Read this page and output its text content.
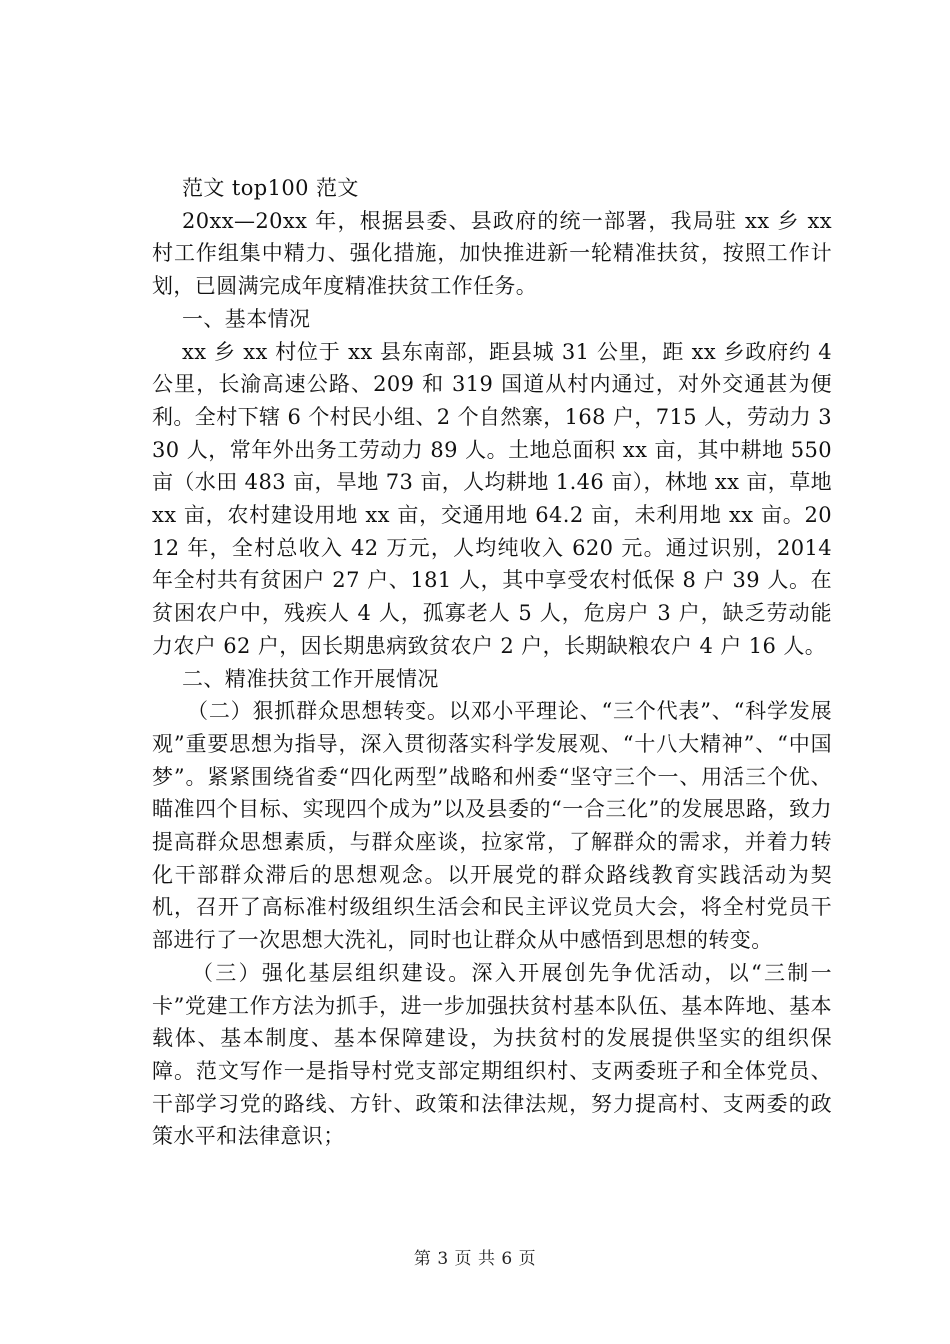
范文 top100 范文

20xx—20xx 年，根据县委、县政府的统一部署，我局驻 xx 乡 xx 村工作组集中精力、强化措施，加快推进新一轮精准扶贫，按照工作计划，已圆满完成年度精准扶贫工作任务。

一、基本情况

xx 乡 xx 村位于 xx 县东南部，距县城 31 公里，距 xx 乡政府约 4 公里，长渝高速公路、209 和 319 国道从村内通过，对外交通甚为便利。全村下辖 6 个村民小组、2 个自然寨，168 户，715 人，劳动力 330 人，常年外出务工劳动力 89 人。土地总面积 xx 亩，其中耕地 550 亩（水田 483 亩，旱地 73 亩，人均耕地 1.46 亩），林地 xx 亩，草地 xx 亩，农村建设用地 xx 亩，交通用地 64.2 亩，未利用地 xx 亩。2012 年，全村总收入 42 万元，人均纯收入 620 元。通过识别，2014 年全村共有贫困户 27 户、181 人，其中享受农村低保 8 户 39 人。在贫困农户中，残疾人 4 人，孤寡老人 5 人，危房户 3 户，缺乏劳动能力农户 62 户，因长期患病致贫农户 2 户，长期缺粮农户 4 户 16 人。

二、精准扶贫工作开展情况

（二）狠抓群众思想转变。以邓小平理论、“三个代表”、“科学发展观”重要思想为指导，深入贯彻落实科学发展观、“十八大精神”、“中国梦”。紧紧围绕省委“四化两型”战略和州委“坚守三个一、用活三个优、瞄准四个目标、实现四个成为”以及县委的“一合三化”的发展思路，致力提高群众思想素质，与群众座谈，拉家常，了解群众的需求，并着力转化干部群众滞后的思想观念。以开展党的群众路线教育实践活动为契机，召开了高标准村级组织生活会和民主评议党员大会，将全村党员干部进行了一次思想大洗礼，同时也让群众从中感悟到思想的转变。

（三）强化基层组织建设。深入开展创先争优活动，以“三制一卡”党建工作方法为抓手，进一步加强扶贫村基本队伍、基本阵地、基本载体、基本制度、基本保障建设，为扶贫村的发展提供坚实的组织保障。范文写作一是指导村党支部定期组织村、支两委班子和全体党员、干部学习党的路线、方针、政策和法律法规，努力提高村、支两委的政策水平和法律意识；

第 3 页 共 6 页
